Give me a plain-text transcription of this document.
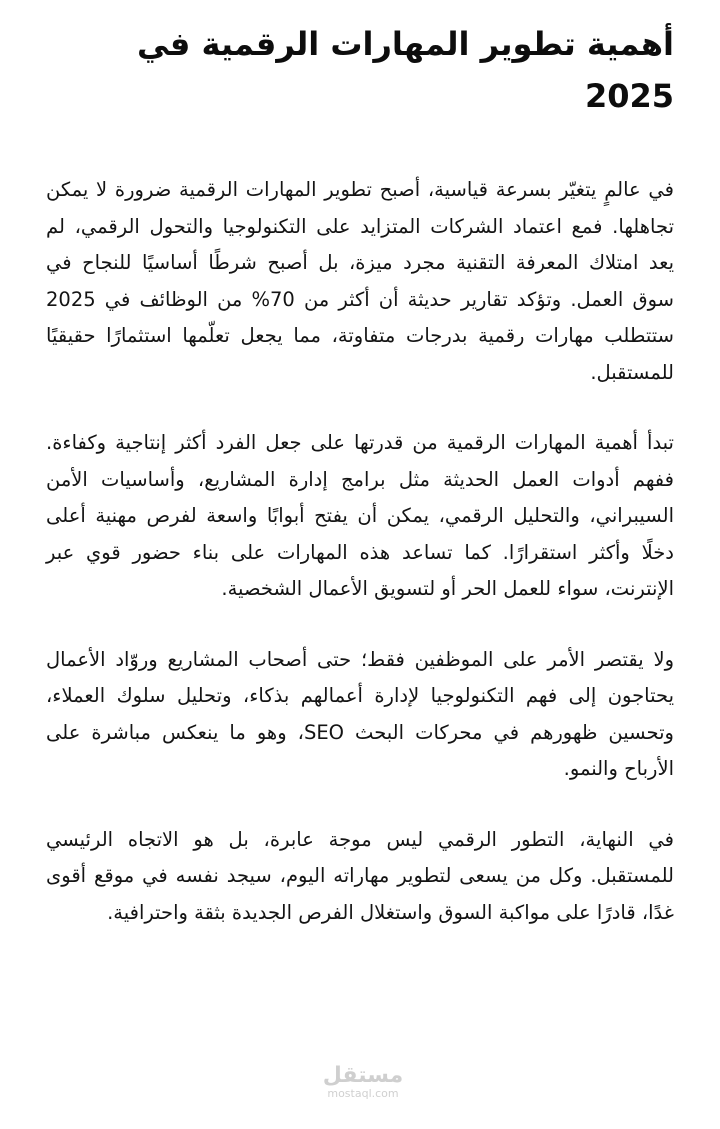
أهمية تطوير المهارات الرقمية في 2025

في عالمٍ يتغيّر بسرعة قياسية، أصبح تطوير المهارات الرقمية ضرورة لا يمكن تجاهلها. فمع اعتماد الشركات المتزايد على التكنولوجيا والتحول الرقمي، لم يعد امتلاك المعرفة التقنية مجرد ميزة، بل أصبح شرطًا أساسيًا للنجاح في سوق العمل. وتؤكد تقارير حديثة أن أكثر من 70% من الوظائف في 2025 ستتطلب مهارات رقمية بدرجات متفاوتة، مما يجعل تعلّمها استثمارًا حقيقيًا للمستقبل.

تبدأ أهمية المهارات الرقمية من قدرتها على جعل الفرد أكثر إنتاجية وكفاءة. ففهم أدوات العمل الحديثة مثل برامج إدارة المشاريع، وأساسيات الأمن السيبراني، والتحليل الرقمي، يمكن أن يفتح أبوابًا واسعة لفرص مهنية أعلى دخلًا وأكثر استقرارًا. كما تساعد هذه المهارات على بناء حضور قوي عبر الإنترنت، سواء للعمل الحر أو لتسويق الأعمال الشخصية.

ولا يقتصر الأمر على الموظفين فقط؛ حتى أصحاب المشاريع وروّاد الأعمال يحتاجون إلى فهم التكنولوجيا لإدارة أعمالهم بذكاء، وتحليل سلوك العملاء، وتحسين ظهورهم في محركات البحث SEO، وهو ما ينعكس مباشرة على الأرباح والنمو.

في النهاية، التطور الرقمي ليس موجة عابرة، بل هو الاتجاه الرئيسي للمستقبل. وكل من يسعى لتطوير مهاراته اليوم، سيجد نفسه في موقع أقوى غدًا، قادرًا على مواكبة السوق واستغلال الفرص الجديدة بثقة واحترافية.

مستقل
mostaql.com
